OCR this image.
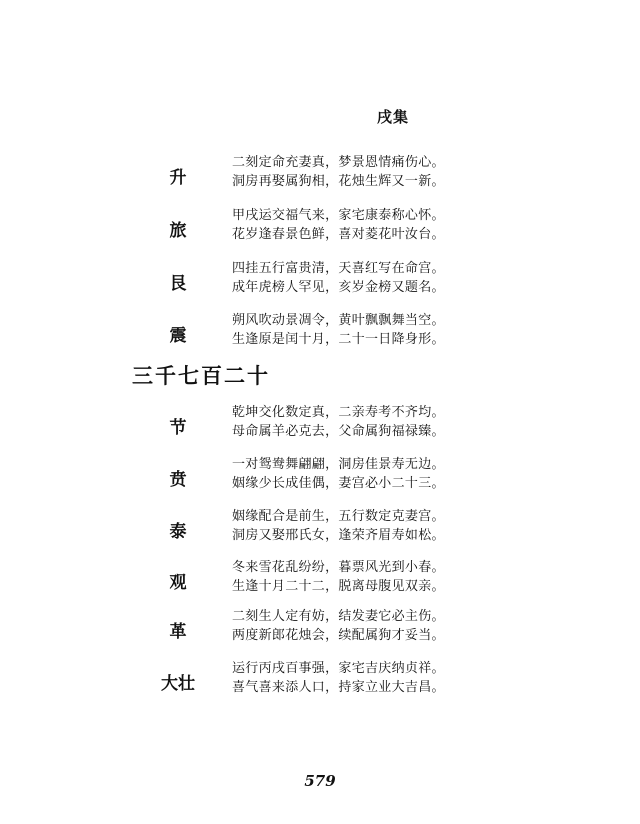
戌集
升
二刻定命充妻真，梦景恩情痛伤心。
洞房再娶属狗相，花烛生辉又一新。
旅
甲戌运交福气来，家宅康泰称心怀。
花岁逢春景色鲜，喜对菱花叶汝台。
艮
四挂五行富贵清，天喜红写在命宫。
成年虎榜人罕见，亥岁金榜又题名。
震
朔风吹动景凋令，黄叶飘飘舞当空。
生逢原是闰十月，二十一日降身形。
三千七百二十
节
乾坤交化数定真，二亲寿考不齐均。
母命属羊必克去，父命属狗福禄臻。
贲
一对鸳鸯舞翩翩，洞房佳景寿无边。
姻缘少长成佳偶，妻宫必小二十三。
泰
姻缘配合是前生，五行数定克妻宫。
洞房又娶邢氏女，逢荣齐眉寿如松。
观
冬来雪花乱纷纷，暮票风光到小春。
生逢十月二十二，脱离母腹见双亲。
革
二刻生人定有妨，结发妻它必主伤。
两度新郎花烛会，续配属狗才妥当。
大壮
运行丙戌百事强，家宅吉庆纳贞祥。
喜气喜来添人口，持家立业大吉昌。
579
